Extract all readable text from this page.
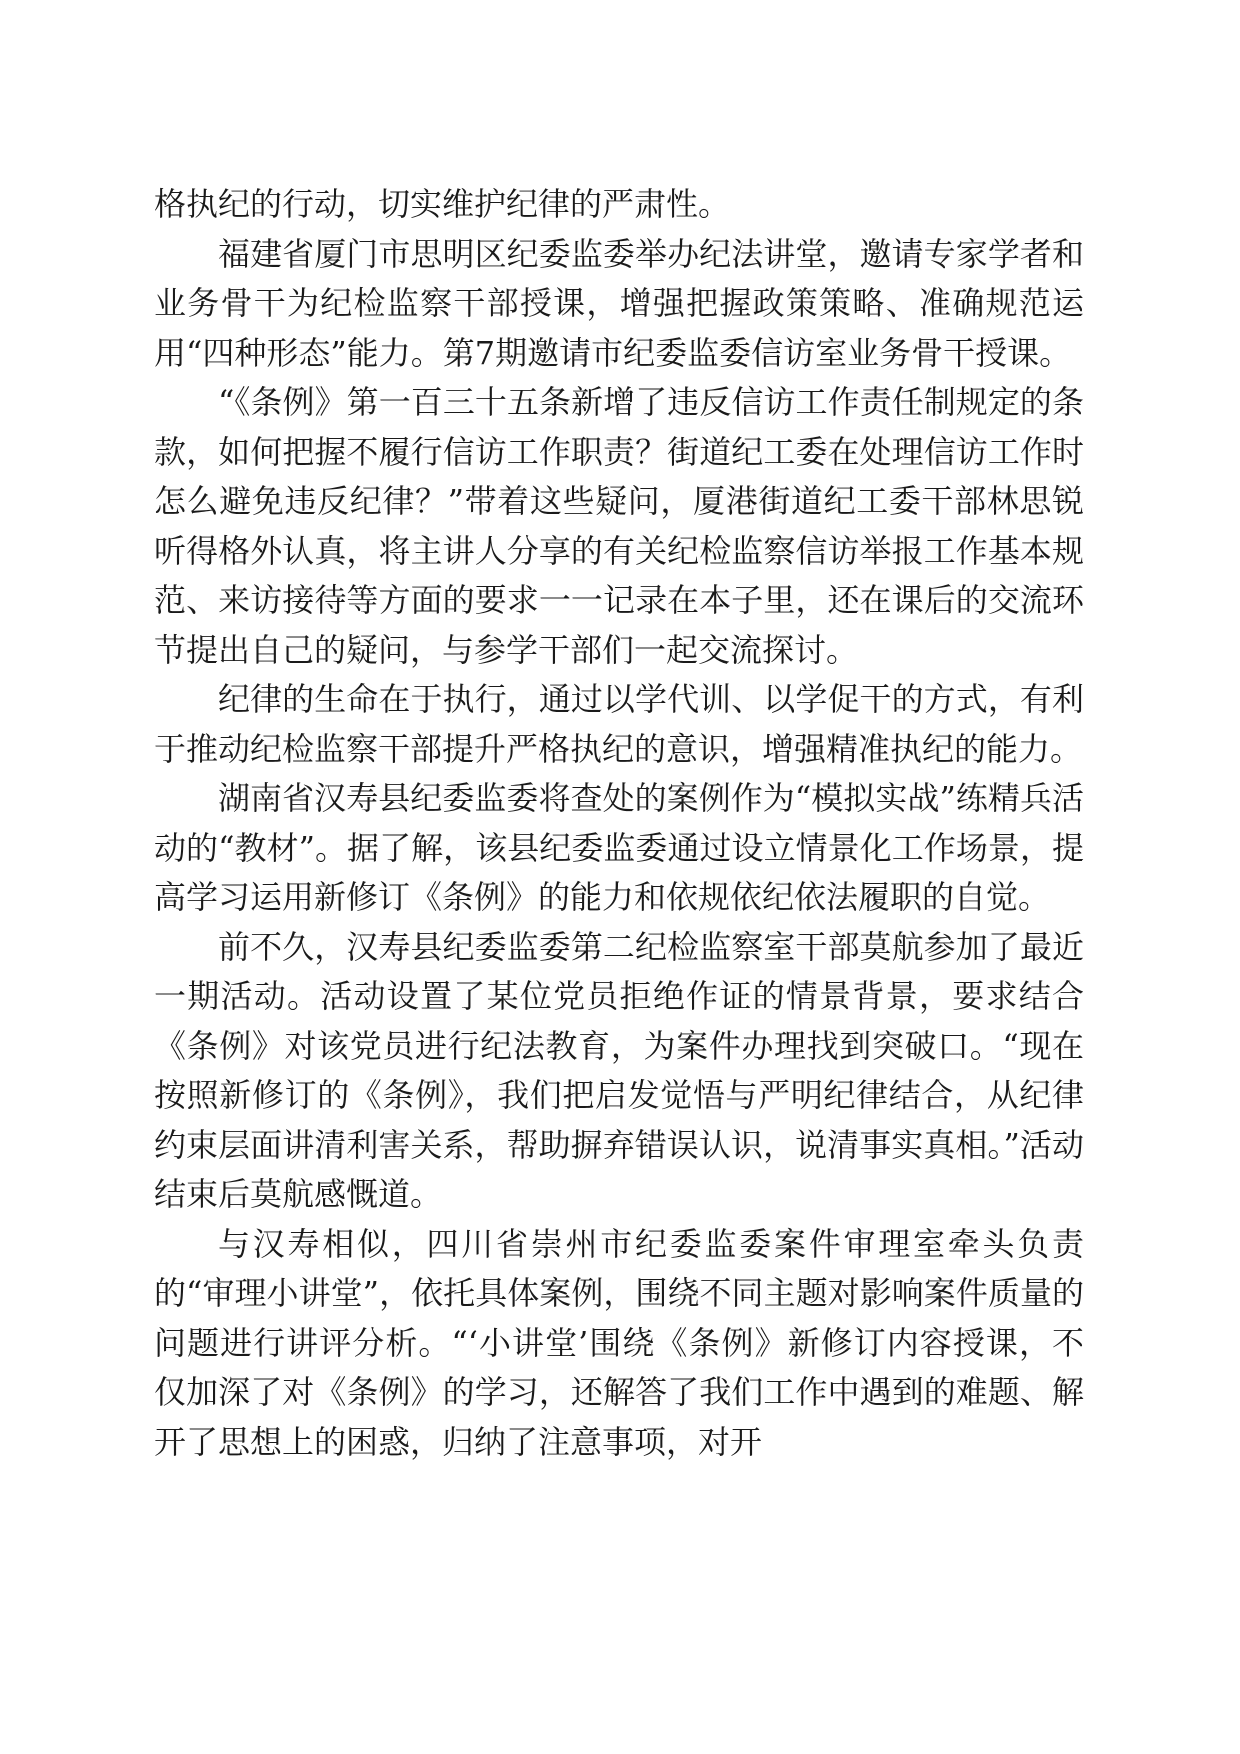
格执纪的行动，切实维护纪律的严肃性。

福建省厦门市思明区纪委监委举办纪法讲堂，邀请专家学者和业务骨干为纪检监察干部授课，增强把握政策策略、准确规范运用“四种形态”能力。第7期邀请市纪委监委信访室业务骨干授课。

“《条例》第一百三十五条新增了违反信访工作责任制规定的条款，如何把握不履行信访工作职责？街道纪工委在处理信访工作时怎么避免违反纪律？”带着这些疑问，厦港街道纪工委干部林思锐听得格外认真，将主讲人分享的有关纪检监察信访举报工作基本规范、来访接待等方面的要求一一记录在本子里，还在课后的交流环节提出自己的疑问，与参学干部们一起交流探讨。

纪律的生命在于执行，通过以学代训、以学促干的方式，有利于推动纪检监察干部提升严格执纪的意识，增强精准执纪的能力。

湖南省汉寿县纪委监委将查处的案例作为“模拟实战”练精兵活动的“教材”。据了解，该县纪委监委通过设立情景化工作场景，提高学习运用新修订《条例》的能力和依规依纪依法履职的自觉。

前不久，汉寿县纪委监委第二纪检监察室干部莫航参加了最近一期活动。活动设置了某位党员拒绝作证的情景背景，要求结合《条例》对该党员进行纪法教育，为案件办理找到突破口。“现在按照新修订的《条例》，我们把启发觉悟与严明纪律结合，从纪律约束层面讲清利害关系，帮助摒弃错误认识，说清事实真相。”活动结束后莫航感慨道。

与汉寿相似，四川省崇州市纪委监委案件审理室牵头负责的“审理小讲堂”，依托具体案例，围绕不同主题对影响案件质量的问题进行讲评分析。“‘小讲堂’围绕《条例》新修订内容授课，不仅加深了对《条例》的学习，还解答了我们工作中遇到的难题、解开了思想上的困惑，归纳了注意事项，对开
